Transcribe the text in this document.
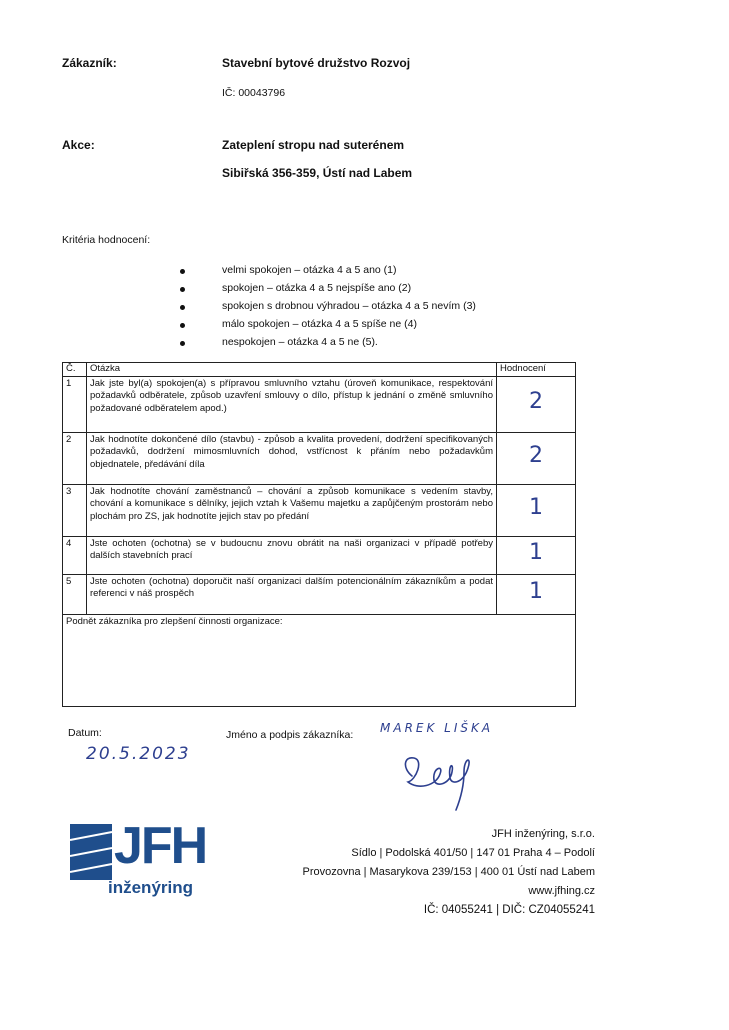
Zákazník:	Stavební bytové družstvo Rozvoj
IČ: 00043796
Akce:	Zateplení stropu nad suterénem
Sibiřská 356-359, Ústí nad Labem
Kritéria hodnocení:
velmi spokojen – otázka 4 a 5 ano (1)
spokojen – otázka 4 a 5 nejspíše ano (2)
spokojen s drobnou výhradou – otázka 4 a 5 nevím (3)
málo spokojen – otázka 4 a 5 spíše ne (4)
nespokojen – otázka 4 a 5 ne (5).
Č.	Otázka	Hodnocení
1	Jak jste byl(a) spokojen(a) s přípravou smluvního vztahu (úroveň komunikace, respektování požadavků odběratele, způsob uzavření smlouvy o dílo, přístup k jednání o změně smluvního požadované odběratelem apod.)	2
2	Jak hodnotíte dokončené dílo (stavbu) - způsob a kvalita provedení, dodržení specifikovaných požadavků, dodržení mimosmluvních dohod, vstřícnost k přáním nebo požadavkům objednatele, předávání díla	2
3	Jak hodnotíte chování zaměstnanců – chování a způsob komunikace s vedením stavby, chování a komunikace s dělníky, jejich vztah k Vašemu majetku a zapůjčeným prostorám nebo plochám pro ZS, jak hodnotíte jejich stav po předání	1
4	Jste ochoten (ochotna) se v budoucnu znovu obrátit na naši organizaci v případě potřeby dalších stavebních prací	1
5	Jste ochoten (ochotna) doporučit naší organizaci dalším potencionálním zákazníkům a podat referenci v náš prospěch	1
Podnět zákazníka pro zlepšení činnosti organizace:		
Datum:
20.5.2023
Jméno a podpis zákazníka: MAREK LIŠKA
JFH
inženýring
JFH inženýring, s.r.o.
Sídlo | Podolská 401/50 | 147 01 Praha 4 – Podolí
Provozovna | Masarykova 239/153 | 400 01 Ústí nad Labem
www.jfhing.cz
IČ: 04055241 | DIČ: CZ04055241
